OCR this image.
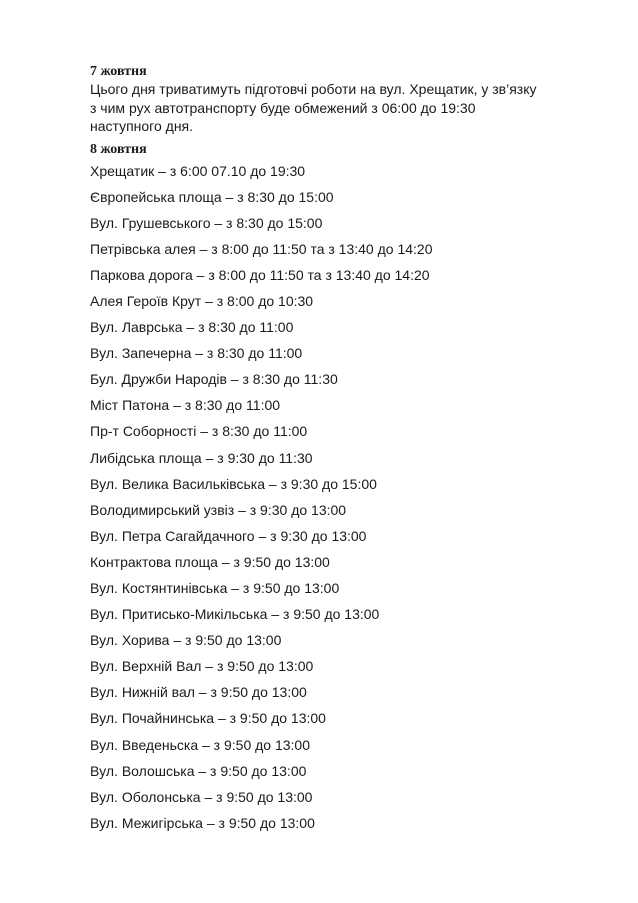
7 жовтня

Цього дня триватимуть підготовчі роботи на вул. Хрещатик, у зв’язку
з чим рух автотранспорту буде обмежений з 06:00 до 19:30
наступного дня.

8 жовтня
Хрещатик – з 6:00 07.10 до 19:30
Європейська площа – з 8:30 до 15:00
Вул. Грушевського – з 8:30 до 15:00
Петрівська алея – з 8:00 до 11:50 та з 13:40 до 14:20
Паркова дорога – з 8:00 до 11:50 та з 13:40 до 14:20
Алея Героїв Крут – з 8:00 до 10:30
Вул. Лаврська – з 8:30 до 11:00
Вул. Запечерна – з 8:30 до 11:00
Бул. Дружби Народів – з 8:30 до 11:30
Міст Патона – з 8:30 до 11:00
Пр-т Соборності – з 8:30 до 11:00
Либідська площа – з 9:30 до 11:30
Вул. Велика Васильківська – з 9:30 до 15:00
Володимирський узвіз – з 9:30 до 13:00
Вул. Петра Сагайдачного – з 9:30 до 13:00
Контрактова площа – з 9:50 до 13:00
Вул. Костянтинівська – з 9:50 до 13:00
Вул. Притисько-Микільська – з 9:50 до 13:00
Вул. Хорива – з 9:50 до 13:00
Вул. Верхній Вал – з 9:50 до 13:00
Вул. Нижній вал – з 9:50 до 13:00
Вул. Почайнинська – з 9:50 до 13:00
Вул. Введеньска – з 9:50 до 13:00
Вул. Волошська – з 9:50 до 13:00
Вул. Оболонська – з 9:50 до 13:00
Вул. Межигірська – з 9:50 до 13:00
